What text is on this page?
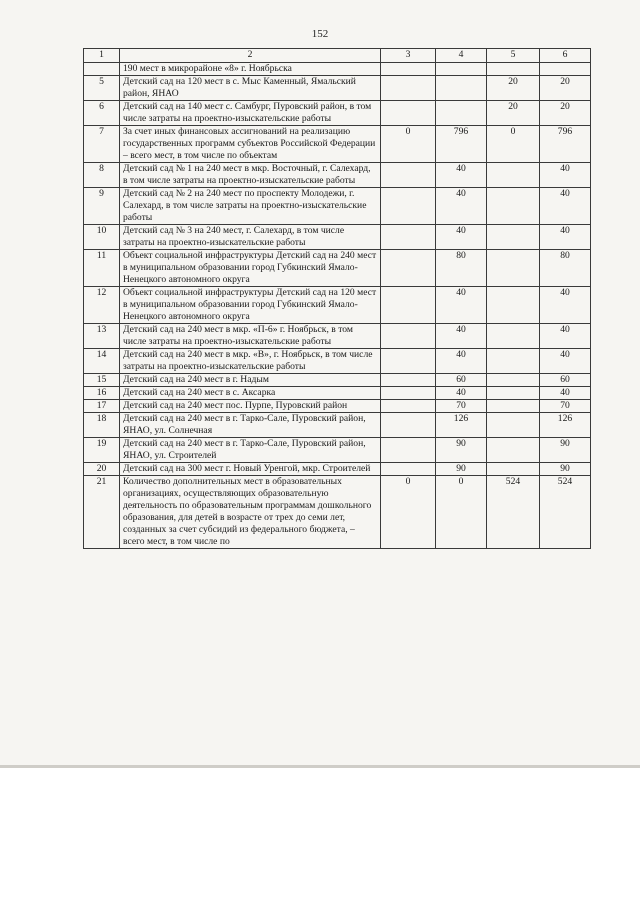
152
1	2	3	4	5	6
	190 мест в микрорайоне «8» г. Ноябрьска				
5	Детский сад на 120 мест в с. Мыс Каменный, Ямальский район, ЯНАО			20	20
6	Детский сад на 140 мест с. Самбург, Пуровский район, в том числе затраты на проектно-изыскательские работы			20	20
7	За счет иных финансовых ассигнований на реализацию государственных программ субъектов Российской Федерации – всего мест, в том числе по объектам	0	796	0	796
8	Детский сад № 1 на 240 мест в мкр. Восточный, г. Салехард, в том числе затраты на проектно-изыскательские работы		40		40
9	Детский сад № 2 на 240 мест по проспекту Молодежи, г. Салехард, в том числе затраты на проектно-изыскательские работы		40		40
10	Детский сад № 3 на 240 мест, г. Салехард, в том числе затраты на проектно-изыскательские работы		40		40
11	Объект социальной инфраструктуры Детский сад на 240 мест в муниципальном образовании город Губкинский Ямало-Ненецкого автономного округа		80		80
12	Объект социальной инфраструктуры Детский сад на 120 мест в муниципальном образовании город Губкинский Ямало-Ненецкого автономного округа		40		40
13	Детский сад на 240 мест в мкр. «П-6» г. Ноябрьск, в том числе затраты на проектно-изыскательские работы		40		40
14	Детский сад на 240 мест в мкр. «В», г. Ноябрьск, в том числе затраты на проектно-изыскательские работы		40		40
15	Детский сад на 240 мест в г. Надым		60		60
16	Детский сад на 240 мест в с. Аксарка		40		40
17	Детский сад на 240 мест пос. Пурпе, Пуровский район		70		70
18	Детский сад на 240 мест в г. Тарко-Сале, Пуровский район, ЯНАО, ул. Солнечная		126		126
19	Детский сад на 240 мест в г. Тарко-Сале, Пуровский район, ЯНАО, ул. Строителей		90		90
20	Детский сад на 300 мест г. Новый Уренгой, мкр. Строителей		90		90
21	Количество дополнительных мест в образовательных организациях, осуществляющих образовательную деятельность по образовательным программам дошкольного образования, для детей в возрасте от трех до семи лет, созданных за счет субсидий из федерального бюджета, – всего мест, в том числе по	0	0	524	524
